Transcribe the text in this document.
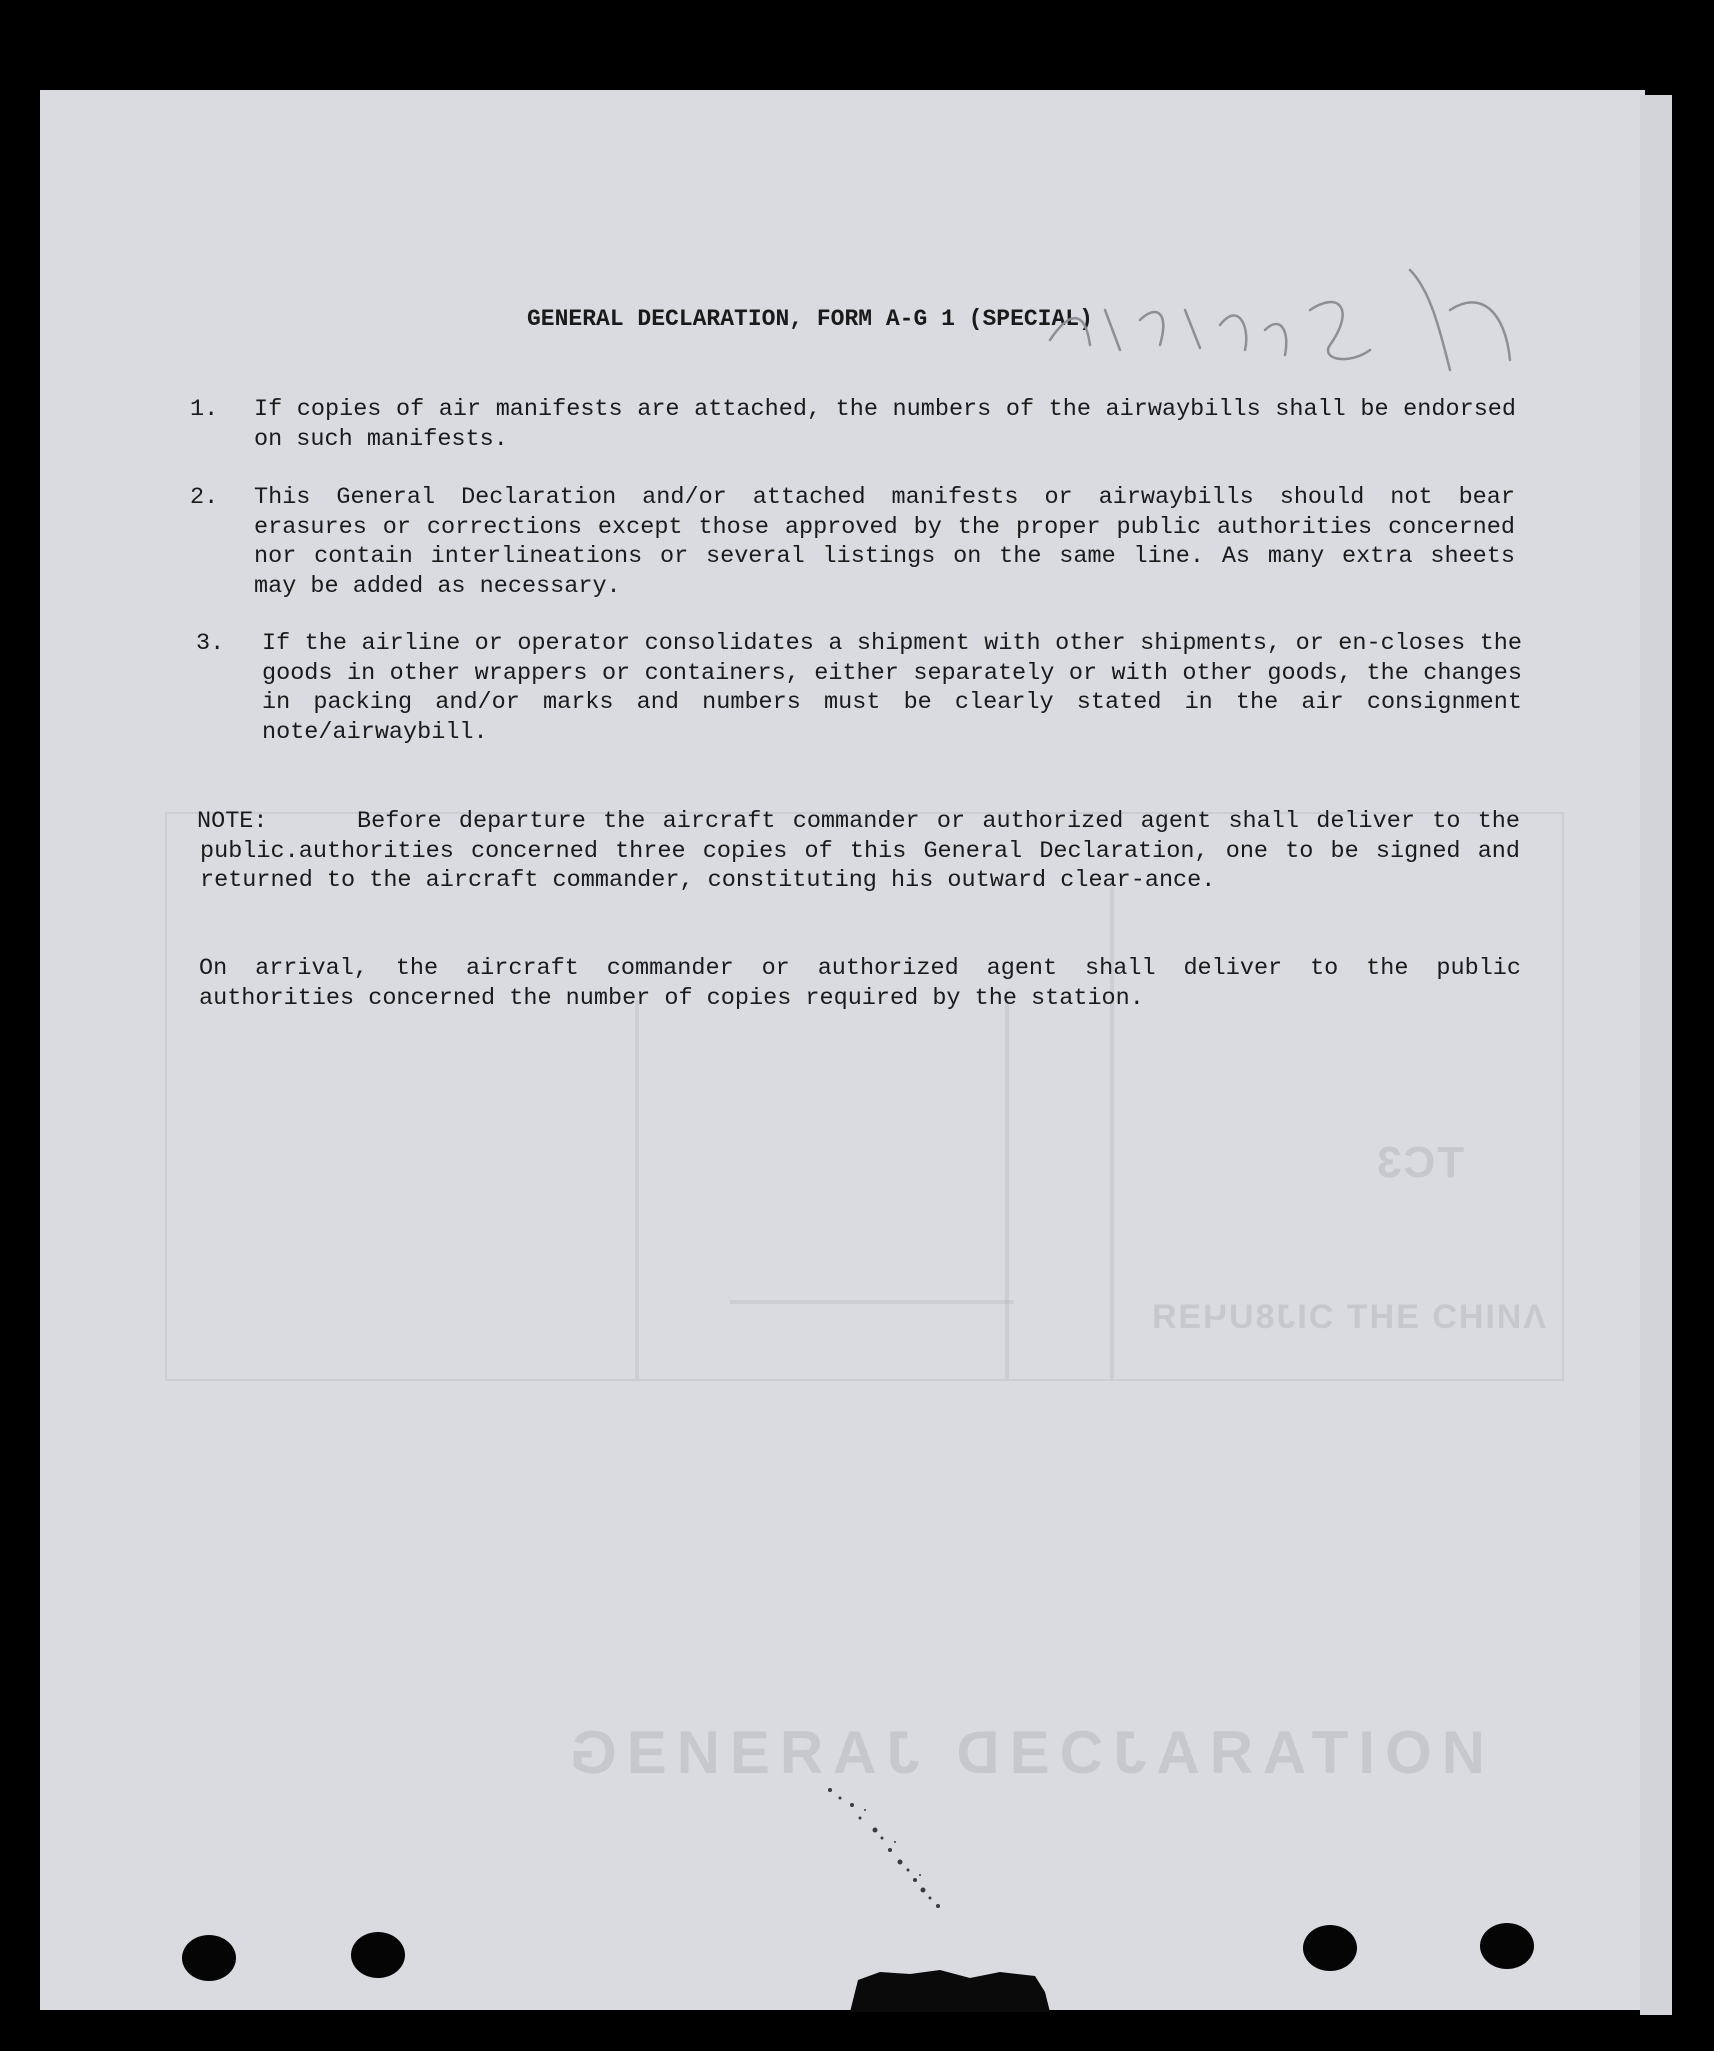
TC3
ΛИIHƆ ƎHT ƆIJ8UЧƎЯ
ИОITAЯAJƆƎD JAЯƎИƎG
GENERAL DECLARATION, FORM A-G 1 (SPECIAL)
1. If copies of air manifests are attached, the numbers of the airwaybills shall be endorsed on such manifests.
2. This General Declaration and/or attached manifests or airwaybills should not bear erasures or corrections except those approved by the proper public authorities concerned nor contain interlineations or several listings on the same line. As many extra sheets may be added as necessary.
3. If the airline or operator consolidates a shipment with other shipments, or en-closes the goods in other wrappers or containers, either separately or with other goods, the changes in packing and/or marks and numbers must be clearly stated in the air consignment note/airwaybill.
NOTE:	Before departure the aircraft commander or authorized agent shall deliver to the public.authorities concerned three copies of this General Declaration, one to be signed and returned to the aircraft commander, constituting his outward clear-ance.
On arrival, the aircraft commander or authorized agent shall deliver to the public authorities concerned the number of copies required by the station.
